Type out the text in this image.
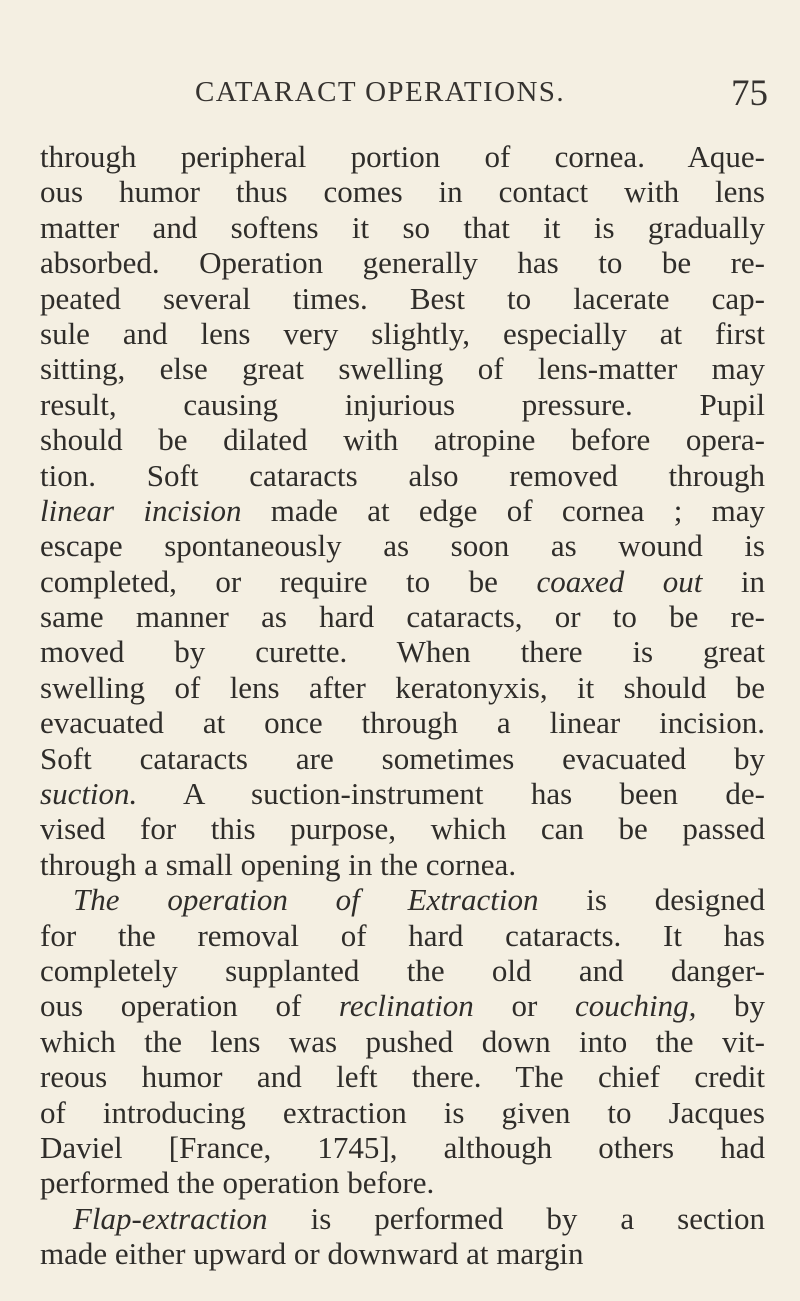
CATARACT OPERATIONS.	75
through peripheral portion of cornea. Aque-
ous humor thus comes in contact with lens
matter and softens it so that it is gradually
absorbed. Operation generally has to be re-
peated several times. Best to lacerate cap-
sule and lens very slightly, especially at first
sitting, else great swelling of lens-matter may
result, causing injurious pressure. Pupil
should be dilated with atropine before opera-
tion. Soft cataracts also removed through
linear incision made at edge of cornea ; may
escape spontaneously as soon as wound is
completed, or require to be coaxed out in
same manner as hard cataracts, or to be re-
moved by curette. When there is great
swelling of lens after keratonyxis, it should be
evacuated at once through a linear incision.
Soft cataracts are sometimes evacuated by
suction. A suction-instrument has been de-
vised for this purpose, which can be passed
through a small opening in the cornea.
The operation of Extraction is designed
for the removal of hard cataracts. It has
completely supplanted the old and danger-
ous operation of reclination or couching, by
which the lens was pushed down into the vit-
reous humor and left there. The chief credit
of introducing extraction is given to Jacques
Daviel [France, 1745], although others had
performed the operation before.
Flap-extraction is performed by a section
made either upward or downward at margin
